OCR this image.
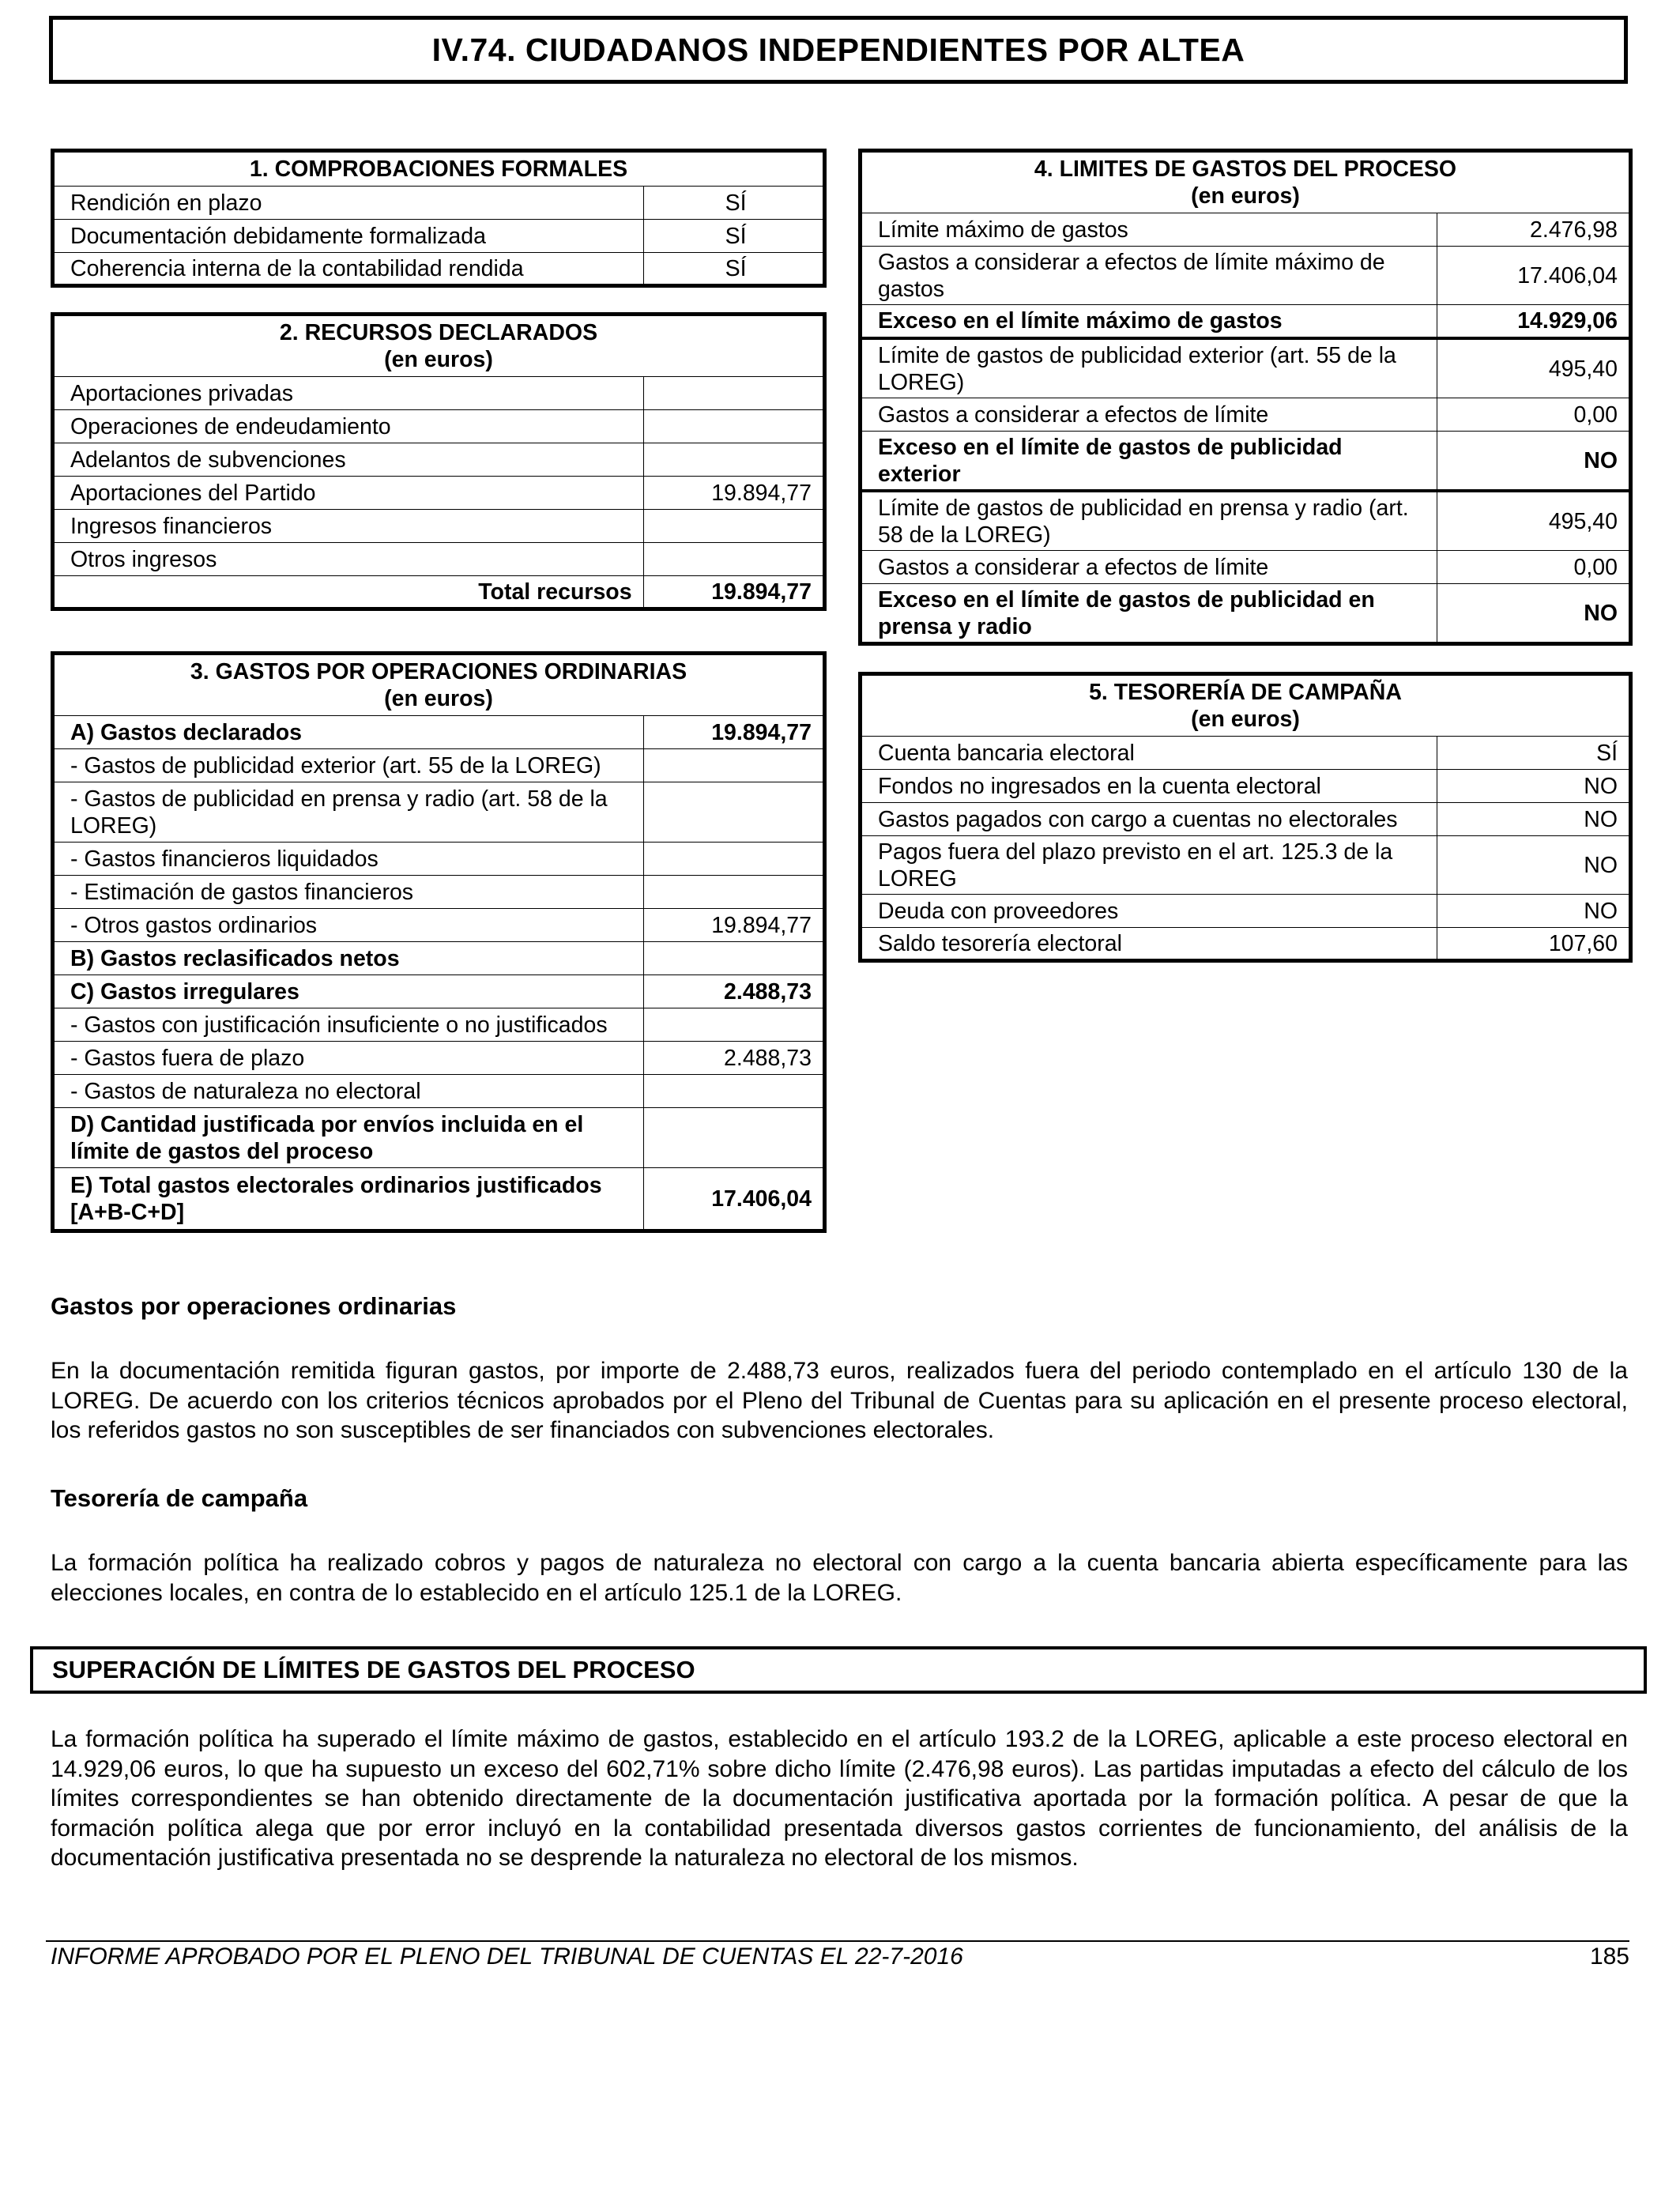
IV.74. CIUDADANOS INDEPENDIENTES POR ALTEA
1. COMPROBACIONES FORMALES	
Rendición en plazo	SÍ
Documentación debidamente formalizada	SÍ
Coherencia interna de la contabilidad rendida	SÍ
2. RECURSOS DECLARADOS
(en euros)	
Aportaciones privadas	
Operaciones de endeudamiento	
Adelantos de subvenciones	
Aportaciones del Partido	19.894,77
Ingresos financieros	
Otros ingresos	
Total recursos	19.894,77
3. GASTOS POR OPERACIONES ORDINARIAS
(en euros)	
A) Gastos declarados	19.894,77
- Gastos de publicidad exterior (art. 55 de la LOREG)	
- Gastos de publicidad en prensa y radio (art. 58 de la LOREG)	
- Gastos financieros liquidados	
- Estimación de gastos financieros	
- Otros gastos ordinarios	19.894,77
B) Gastos reclasificados netos	
C) Gastos irregulares	2.488,73
- Gastos con justificación insuficiente o no justificados	
- Gastos fuera de plazo	2.488,73
- Gastos de naturaleza no electoral	
D) Cantidad justificada por envíos incluida en el límite de gastos del proceso	
E) Total gastos electorales ordinarios justificados [A+B-C+D]	17.406,04
4. LIMITES DE GASTOS DEL PROCESO
(en euros)	
Límite máximo de gastos	2.476,98
Gastos a considerar a efectos de límite máximo de gastos	17.406,04
Exceso en el límite máximo de gastos	14.929,06
Límite de gastos de publicidad exterior (art. 55 de la LOREG)	495,40
Gastos a considerar a efectos de límite	0,00
Exceso en el límite de gastos de publicidad exterior	NO
Límite de gastos de publicidad en prensa y radio (art. 58 de la LOREG)	495,40
Gastos a considerar a efectos de límite	0,00
Exceso en el límite de gastos de publicidad en prensa y radio	NO
5. TESORERÍA DE CAMPAÑA
(en euros)	
Cuenta bancaria electoral	SÍ
Fondos no ingresados en la cuenta electoral	NO
Gastos pagados con cargo a cuentas no electorales	NO
Pagos fuera del plazo previsto en el art. 125.3 de la LOREG	NO
Deuda con proveedores	NO
Saldo tesorería electoral	107,60
Gastos por operaciones ordinarias

En la documentación remitida figuran gastos, por importe de 2.488,73 euros, realizados fuera del periodo contemplado en el artículo 130 de la LOREG. De acuerdo con los criterios técnicos aprobados por el Pleno del Tribunal de Cuentas para su aplicación en el presente proceso electoral, los referidos gastos no son susceptibles de ser financiados con subvenciones electorales.

Tesorería de campaña

La formación política ha realizado cobros y pagos de naturaleza no electoral con cargo a la cuenta bancaria abierta específicamente para las elecciones locales, en contra de lo establecido en el artículo 125.1 de la LOREG.

SUPERACIÓN DE LÍMITES DE GASTOS DEL PROCESO

La formación política ha superado el límite máximo de gastos, establecido en el artículo 193.2 de la LOREG, aplicable a este proceso electoral en 14.929,06 euros, lo que ha supuesto un exceso del 602,71% sobre dicho límite (2.476,98 euros). Las partidas imputadas a efecto del cálculo de los límites correspondientes se han obtenido directamente de la documentación justificativa aportada por la formación política. A pesar de que la formación política alega que por error incluyó en la contabilidad presentada diversos gastos corrientes de funcionamiento, del análisis de la documentación justificativa presentada no se desprende la naturaleza no electoral de los mismos.

INFORME APROBADO POR EL PLENO DEL TRIBUNAL DE CUENTAS EL 22-7-2016	185
